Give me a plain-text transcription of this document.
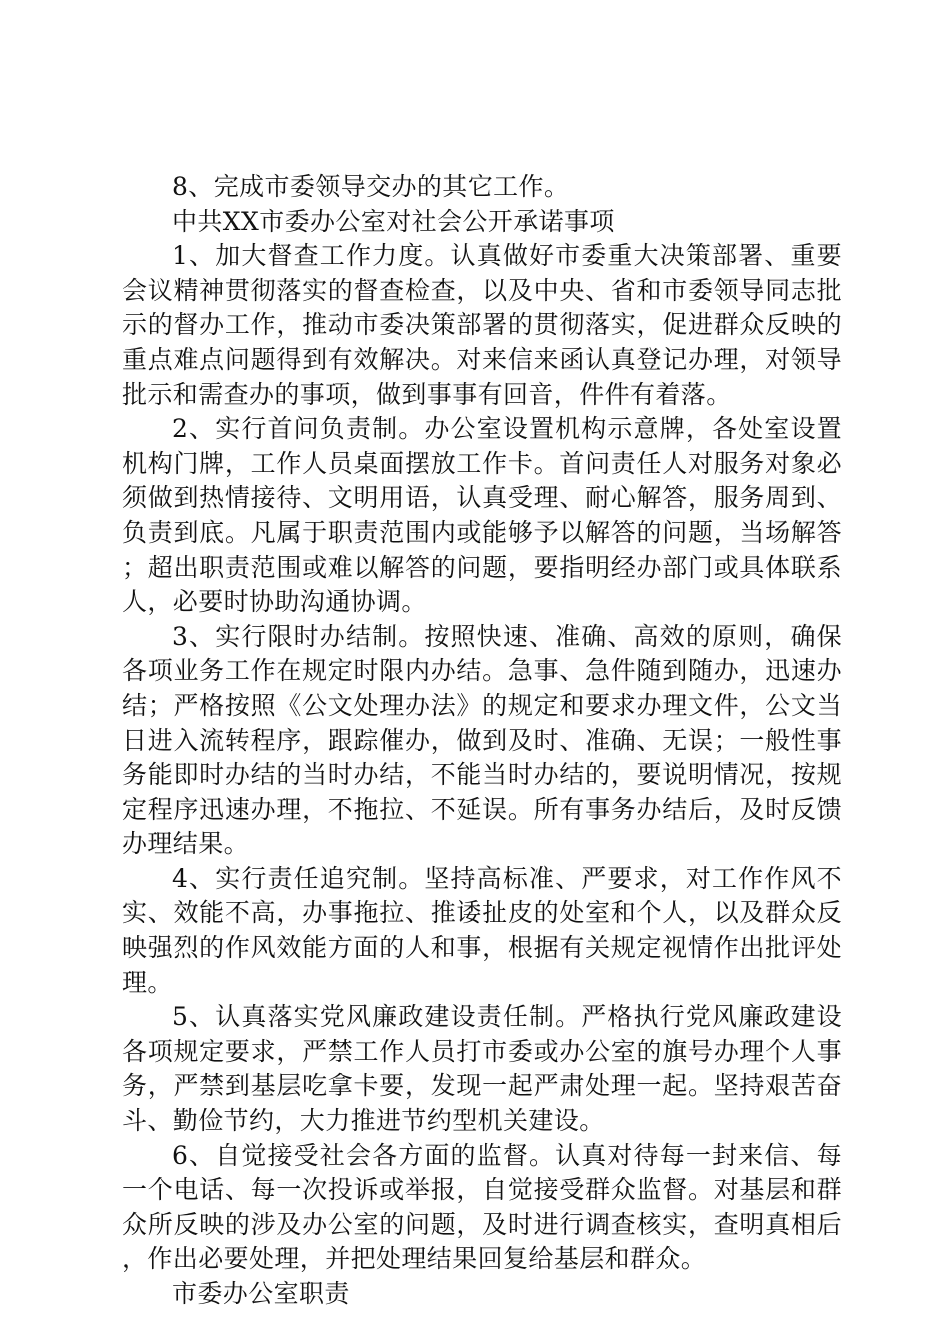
8、完成市委领导交办的其它工作。

中共XX市委办公室对社会公开承诺事项

1、加大督查工作力度。认真做好市委重大决策部署、重要会议精神贯彻落实的督查检查，以及中央、省和市委领导同志批示的督办工作，推动市委决策部署的贯彻落实，促进群众反映的重点难点问题得到有效解决。对来信来函认真登记办理，对领导批示和需查办的事项，做到事事有回音，件件有着落。

2、实行首问负责制。办公室设置机构示意牌，各处室设置机构门牌，工作人员桌面摆放工作卡。首问责任人对服务对象必须做到热情接待、文明用语，认真受理、耐心解答，服务周到、负责到底。凡属于职责范围内或能够予以解答的问题，当场解答；超出职责范围或难以解答的问题，要指明经办部门或具体联系人，必要时协助沟通协调。

3、实行限时办结制。按照快速、准确、高效的原则，确保各项业务工作在规定时限内办结。急事、急件随到随办，迅速办结；严格按照《公文处理办法》的规定和要求办理文件，公文当日进入流转程序，跟踪催办，做到及时、准确、无误；一般性事务能即时办结的当时办结，不能当时办结的，要说明情况，按规定程序迅速办理，不拖拉、不延误。所有事务办结后，及时反馈办理结果。

4、实行责任追究制。坚持高标准、严要求，对工作作风不实、效能不高，办事拖拉、推诿扯皮的处室和个人，以及群众反映强烈的作风效能方面的人和事，根据有关规定视情作出批评处理。

5、认真落实党风廉政建设责任制。严格执行党风廉政建设各项规定要求，严禁工作人员打市委或办公室的旗号办理个人事务，严禁到基层吃拿卡要，发现一起严肃处理一起。坚持艰苦奋斗、勤俭节约，大力推进节约型机关建设。

6、自觉接受社会各方面的监督。认真对待每一封来信、每一个电话、每一次投诉或举报，自觉接受群众监督。对基层和群众所反映的涉及办公室的问题，及时进行调查核实，查明真相后，作出必要处理，并把处理结果回复给基层和群众。

市委办公室职责
